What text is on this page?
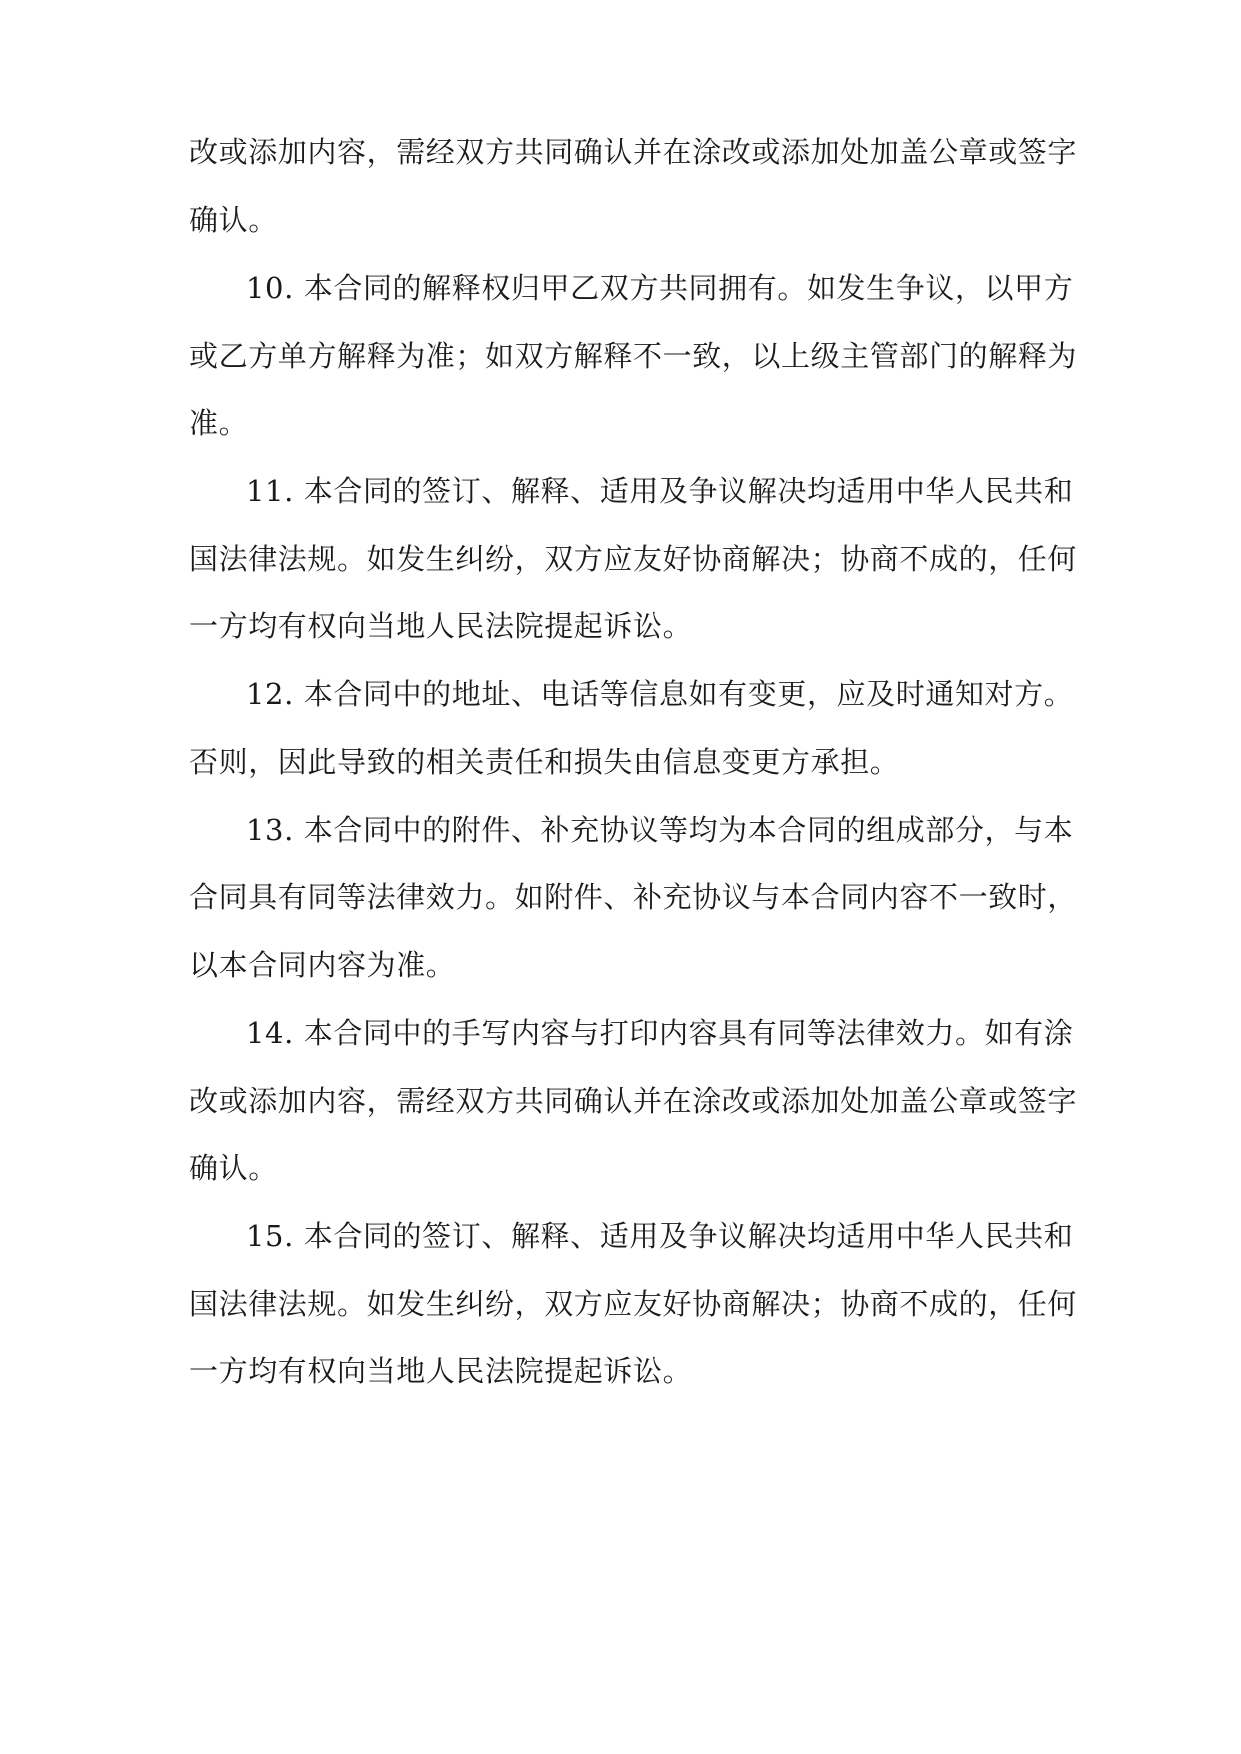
改或添加内容，需经双方共同确认并在涂改或添加处加盖公章或签字
确认。
10. 本合同的解释权归甲乙双方共同拥有。如发生争议，以甲方
或乙方单方解释为准；如双方解释不一致，以上级主管部门的解释为
准。
11. 本合同的签订、解释、适用及争议解决均适用中华人民共和
国法律法规。如发生纠纷，双方应友好协商解决；协商不成的，任何
一方均有权向当地人民法院提起诉讼。
12. 本合同中的地址、电话等信息如有变更，应及时通知对方。
否则，因此导致的相关责任和损失由信息变更方承担。
13. 本合同中的附件、补充协议等均为本合同的组成部分，与本
合同具有同等法律效力。如附件、补充协议与本合同内容不一致时，
以本合同内容为准。
14. 本合同中的手写内容与打印内容具有同等法律效力。如有涂
改或添加内容，需经双方共同确认并在涂改或添加处加盖公章或签字
确认。
15. 本合同的签订、解释、适用及争议解决均适用中华人民共和
国法律法规。如发生纠纷，双方应友好协商解决；协商不成的，任何
一方均有权向当地人民法院提起诉讼。
